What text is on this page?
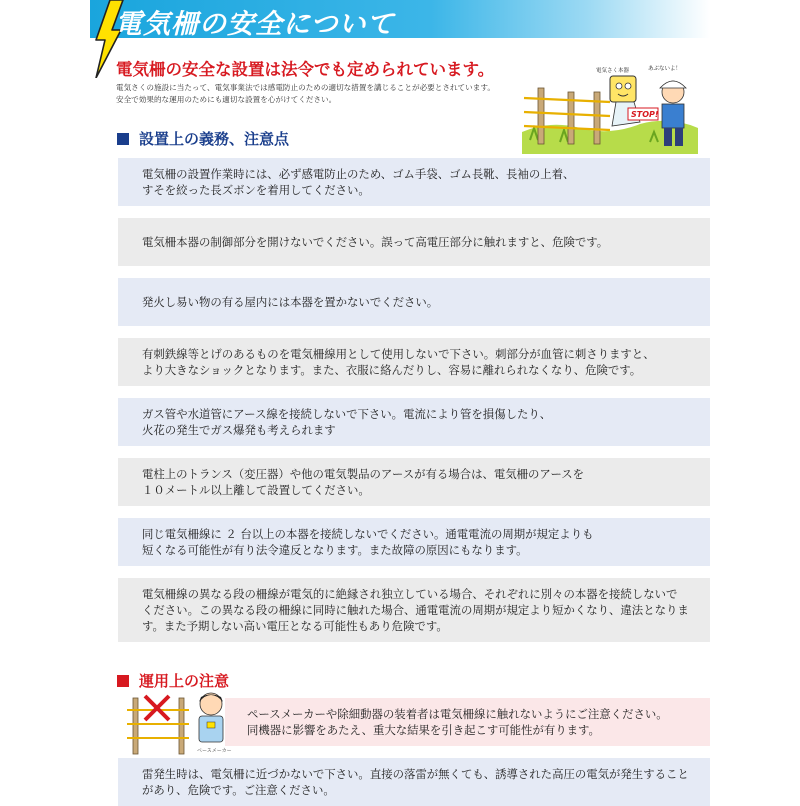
電気柵の安全について
電気柵の安全な設置は法令でも定められています。
電気さくの施設に当たって、電気事業法では感電防止のための適切な措置を講じることが必要とされています。
安全で効果的な運用のためにも適切な設置を心がけてください。
電気さく本器	あぶないよ！
STOP!
設置上の義務、注意点
電気柵の設置作業時には、必ず感電防止のため、ゴム手袋、ゴム長靴、長袖の上着、
すそを絞った長ズボンを着用してください。
電気柵本器の制御部分を開けないでください。誤って高電圧部分に触れますと、危険です。
発火し易い物の有る屋内には本器を置かないでください。
有刺鉄線等とげのあるものを電気柵線用として使用しないで下さい。刺部分が血管に刺さりますと、
より大きなショックとなります。また、衣服に絡んだりし、容易に離れられなくなり、危険です。
ガス管や水道管にアース線を接続しないで下さい。電流により管を損傷したり、
火花の発生でガス爆発も考えられます
電柱上のトランス（変圧器）や他の電気製品のアースが有る場合は、電気柵のアースを
１０メートル以上離して設置してください。
同じ電気柵線に ２ 台以上の本器を接続しないでください。通電電流の周期が規定よりも
短くなる可能性が有り法令違反となります。また故障の原因にもなります。
電気柵線の異なる段の柵線が電気的に絶縁され独立している場合、それぞれに別々の本器を接続しないで
ください。この異なる段の柵線に同時に触れた場合、通電電流の周期が規定より短かくなり、違法となりま
す。また予期しない高い電圧となる可能性もあり危険です。
運用上の注意
ペースメーカー
ペースメーカーや除細動器の装着者は電気柵線に触れないようにご注意ください。
同機器に影響をあたえ、重大な結果を引き起こす可能性が有ります。
雷発生時は、電気柵に近づかないで下さい。直接の落雷が無くても、誘導された高圧の電気が発生すること
があり、危険です。ご注意ください。
